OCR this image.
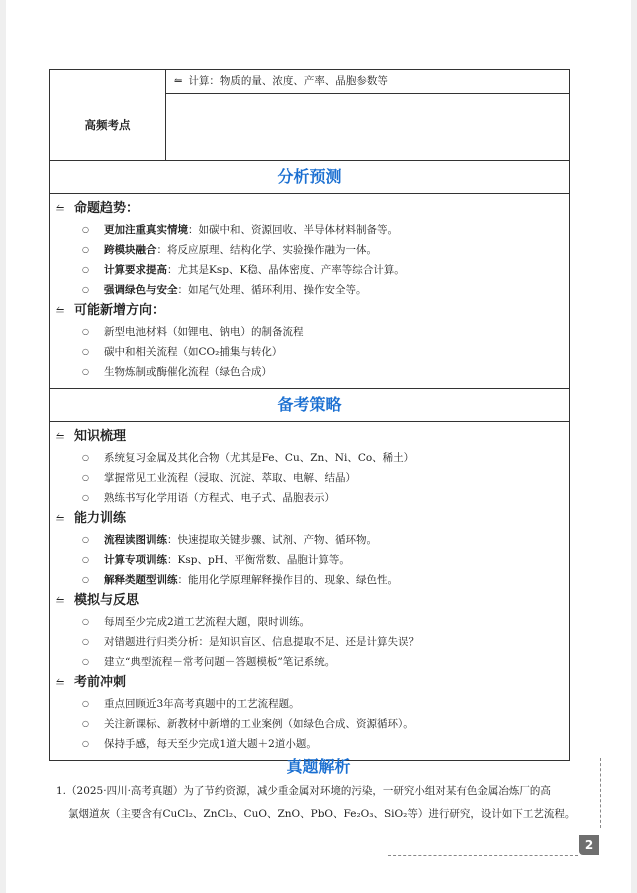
高频考点
	⥪ 计算：物质的量、浓度、产率、晶胞参数等

分析预测

⥪ 命题趋势：
○	更加注重真实情境 ：如碳中和、资源回收、半导体材料制备等。
○	跨模块融合 ：将反应原理、结构化学、实验操作融为一体。
○	计算要求提高 ：尤其是Ksp、K稳、晶体密度、产率等综合计算。
○	强调绿色与安全 ：如尾气处理、循环利用、操作安全等。
⥪ 可能新增方向：
○	新型电池材料（如锂电、钠电）的制备流程
○	碳中和相关流程（如CO₂捕集与转化）
○	生物炼制或酶催化流程（绿色合成）

备考策略

⥪ 知识梳理
○	系统复习金属及其化合物（尤其是Fe、Cu、Zn、Ni、Co、稀土）
○	掌握常见工业流程（浸取、沉淀、萃取、电解、结晶）
○	熟练书写化学用语（方程式、电子式、晶胞表示）
⥪ 能力训练
○	流程读图训练 ：快速提取关键步骤、试剂、产物、循环物。
○	计算专项训练 ：Ksp、pH、平衡常数、晶胞计算等。
○	解释类题型训练 ：能用化学原理解释操作目的、现象、绿色性。
⥪ 模拟与反思
○	每周至少完成2道工艺流程大题，限时训练。
○	对错题进行归类分析：是知识盲区、信息提取不足、还是计算失误？
○	建立“典型流程－常考问题－答题模板”笔记系统。
⥪ 考前冲刺
○	重点回顾近3年高考真题中的工艺流程题。
○	关注新课标、新教材中新增的工业案例（如绿色合成、资源循环）。
○	保持手感，每天至少完成1道大题＋2道小题。
真题解析

1.（2025·四川·高考真题）为了节约资源，减少重金属对环境的污染，一研究小组对某有色金属冶炼厂的高

氯烟道灰（主要含有CuCl₂、ZnCl₂、CuO、ZnO、PbO、Fe₂O₃、SiO₂等）进行研究，设计如下工艺流程。

2
